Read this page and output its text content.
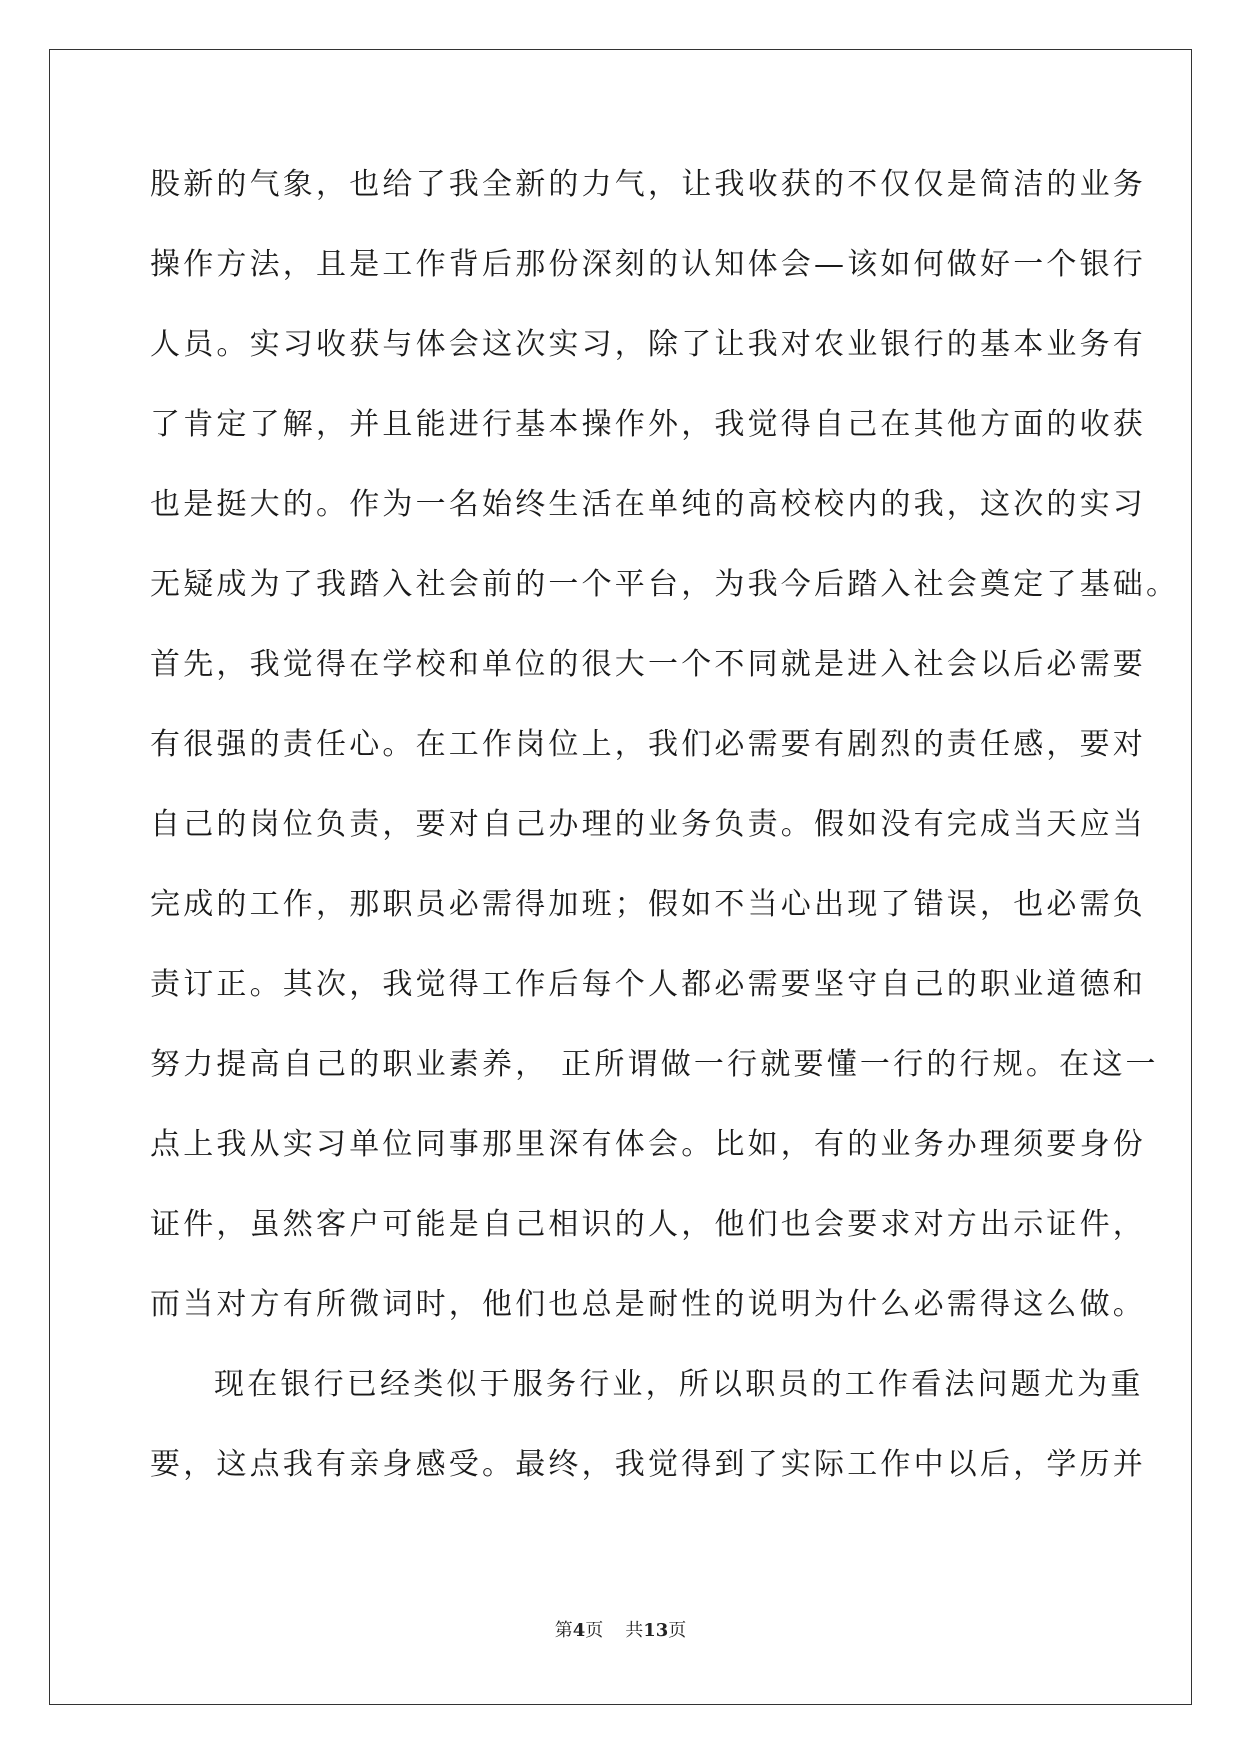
股新的气象，也给了我全新的力气，让我收获的不仅仅是简洁的业务
操作方法，且是工作背后那份深刻的认知体会—该如何做好一个银行
人员。实习收获与体会这次实习，除了让我对农业银行的基本业务有
了肯定了解，并且能进行基本操作外，我觉得自己在其他方面的收获
也是挺大的。作为一名始终生活在单纯的高校校内的我，这次的实习
无疑成为了我踏入社会前的一个平台，为我今后踏入社会奠定了基础。
首先，我觉得在学校和单位的很大一个不同就是进入社会以后必需要
有很强的责任心。在工作岗位上，我们必需要有剧烈的责任感，要对
自己的岗位负责，要对自己办理的业务负责。假如没有完成当天应当
完成的工作，那职员必需得加班；假如不当心出现了错误，也必需负
责订正。其次，我觉得工作后每个人都必需要坚守自己的职业道德和
努力提高自己的职业素养， 正所谓做一行就要懂一行的行规。在这一
点上我从实习单位同事那里深有体会。比如，有的业务办理须要身份
证件，虽然客户可能是自己相识的人，他们也会要求对方出示证件，
而当对方有所微词时，他们也总是耐性的说明为什么必需得这么做。
现在银行已经类似于服务行业，所以职员的工作看法问题尤为重
要，这点我有亲身感受。最终，我觉得到了实际工作中以后，学历并
第4页 共13页
